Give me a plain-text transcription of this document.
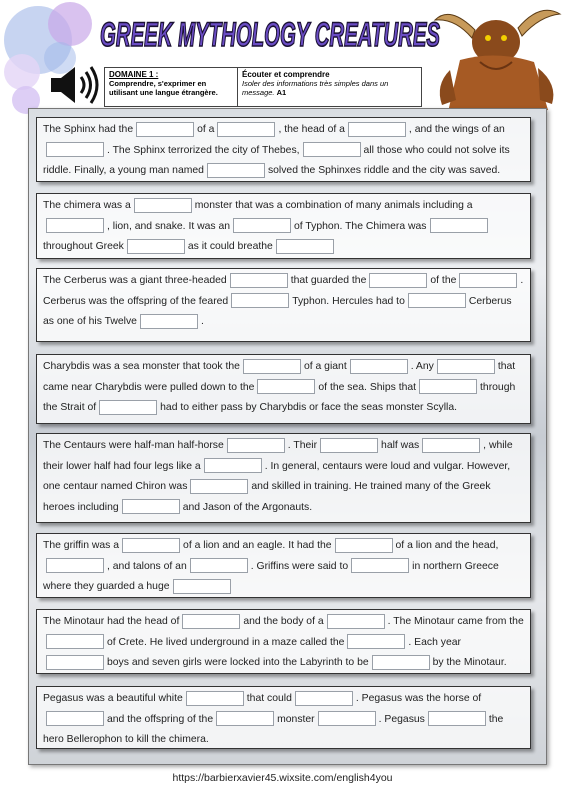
GREEK MYTHOLOGY CREATURES
DOMAINE 1 :
Comprendre, s'exprimer en utilisant une langue étrangère.
Écouter et comprendre
Isoler des informations très simples dans un message. A1
The Sphinx had the	of a	, the head of a	, and the wings of an. The Sphinx terrorized the city of Thebes,	all those who could not solve its riddle. Finally, a young man named	solved the Sphinxes riddle and the city was saved.
The chimera was a	monster that was a combination of many animals including a, lion, and snake. It was an	of Typhon. The Chimera wasthroughout Greek	as it could breathe
The Cerberus was a giant three-headed	that guarded the	of the	. Cerberus was the offspring of the feared	Typhon. Hercules had to	Cerberus as one of his Twelve	.
Charybdis was a sea monster that took the	of a giant	. Any	that came near Charybdis were pulled down to the	of the sea. Ships that	through the Strait of	had to either pass by Charybdis or face the seas monster Scylla.
The Centaurs were half-man half-horse	. Their	half was	, while their lower half had four legs like a	. In general, centaurs were loud and vulgar. However, one centaur named Chiron was	and skilled in training. He trained many of the Greek heroes including	and Jason of the Argonauts.
The griffin was a	of a lion and an eagle. It had the	of a lion and the head,, and talons of an	. Griffins were said to	in northern Greece where they guarded a huge
The Minotaur had the head of	and the body of a	. The Minotaur came from theof Crete. He lived underground in a maze called the	. Each yearboys and seven girls were locked into the Labyrinth to be	by the Minotaur.
Pegasus was a beautiful white	that could	. Pegasus was the horse ofand the offspring of the	monster	. Pegasus	the hero Bellerophon to kill the chimera.
https://barbierxavier45.wixsite.com/english4you
